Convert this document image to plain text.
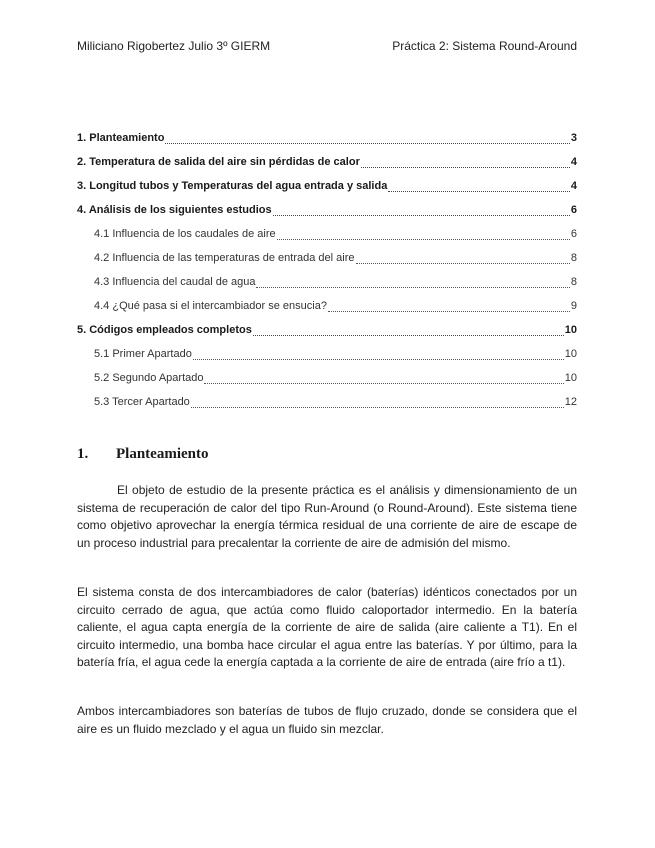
Miliciano Rigobertez Julio 3º GIERM	Práctica 2: Sistema Round-Around
1. Planteamiento	3
2. Temperatura de salida del aire sin pérdidas de calor	4
3. Longitud tubos y Temperaturas del agua entrada y salida	4
4. Análisis de los siguientes estudios	6
4.1 Influencia de los caudales de aire	6
4.2 Influencia de las temperaturas de entrada del aire	8
4.3 Influencia del caudal de agua	8
4.4 ¿Qué pasa si el intercambiador se ensucia?	9
5. Códigos empleados completos	10
5.1 Primer Apartado	10
5.2 Segundo Apartado	10
5.3 Tercer Apartado	12
1. Planteamiento

El objeto de estudio de la presente práctica es el análisis y dimensionamiento de un sistema de recuperación de calor del tipo Run-Around (o Round-Around). Este sistema tiene como objetivo aprovechar la energía térmica residual de una corriente de aire de escape de un proceso industrial para precalentar la corriente de aire de admisión del mismo.

El sistema consta de dos intercambiadores de calor (baterías) idénticos conectados por un circuito cerrado de agua, que actúa como fluido caloportador intermedio. En la batería caliente, el agua capta energía de la corriente de aire de salida (aire caliente a T1). En el circuito intermedio, una bomba hace circular el agua entre las baterías. Y por último, para la batería fría, el agua cede la energía captada a la corriente de aire de entrada (aire frío a t1).

Ambos intercambiadores son baterías de tubos de flujo cruzado, donde se considera que el aire es un fluido mezclado y el agua un fluido sin mezclar.
